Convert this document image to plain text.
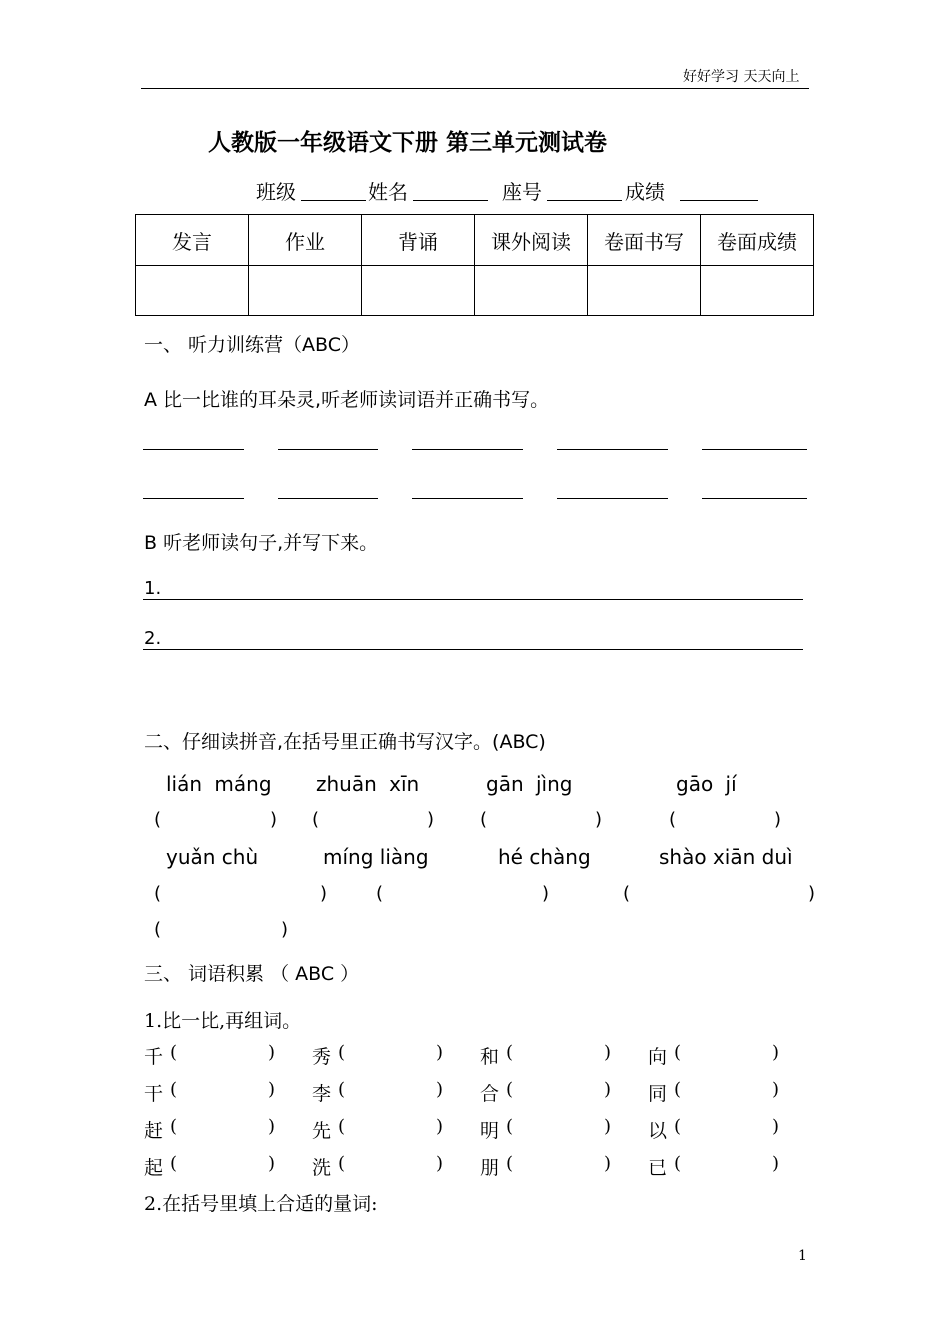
好好学习 天天向上
人教版一年级语文下册 第三单元测试卷
班级	姓名	座号	成绩
发言	作业	背诵	课外阅读	卷面书写	卷面成绩

一、 听力训练营（ABC）
A 比一比谁的耳朵灵,听老师读词语并正确书写。
B 听老师读句子,并写下来。
1.
2.
二、仔细读拼音,在括号里正确书写汉字。(ABC)
lián máng zhuān xīn	gān jìng	gāo jí
(	) (	)	(	)	(	)
yuǎn chù	míng liàng	hé chàng	shào xiān duì
(	)	(	)	(	)
(	)
三、 词语积累 （ ABC ）
1.比一比,再组词。
千 (	) 秀 (	) 和 (	) 向 (	)
干 (	) 李 (	) 合 (	) 同 (	)
赶 (	) 先 (	) 明 (	) 以 (	)
起 (	) 洗 (	) 朋 (	) 已 (	)
2.在括号里填上合适的量词:
1
